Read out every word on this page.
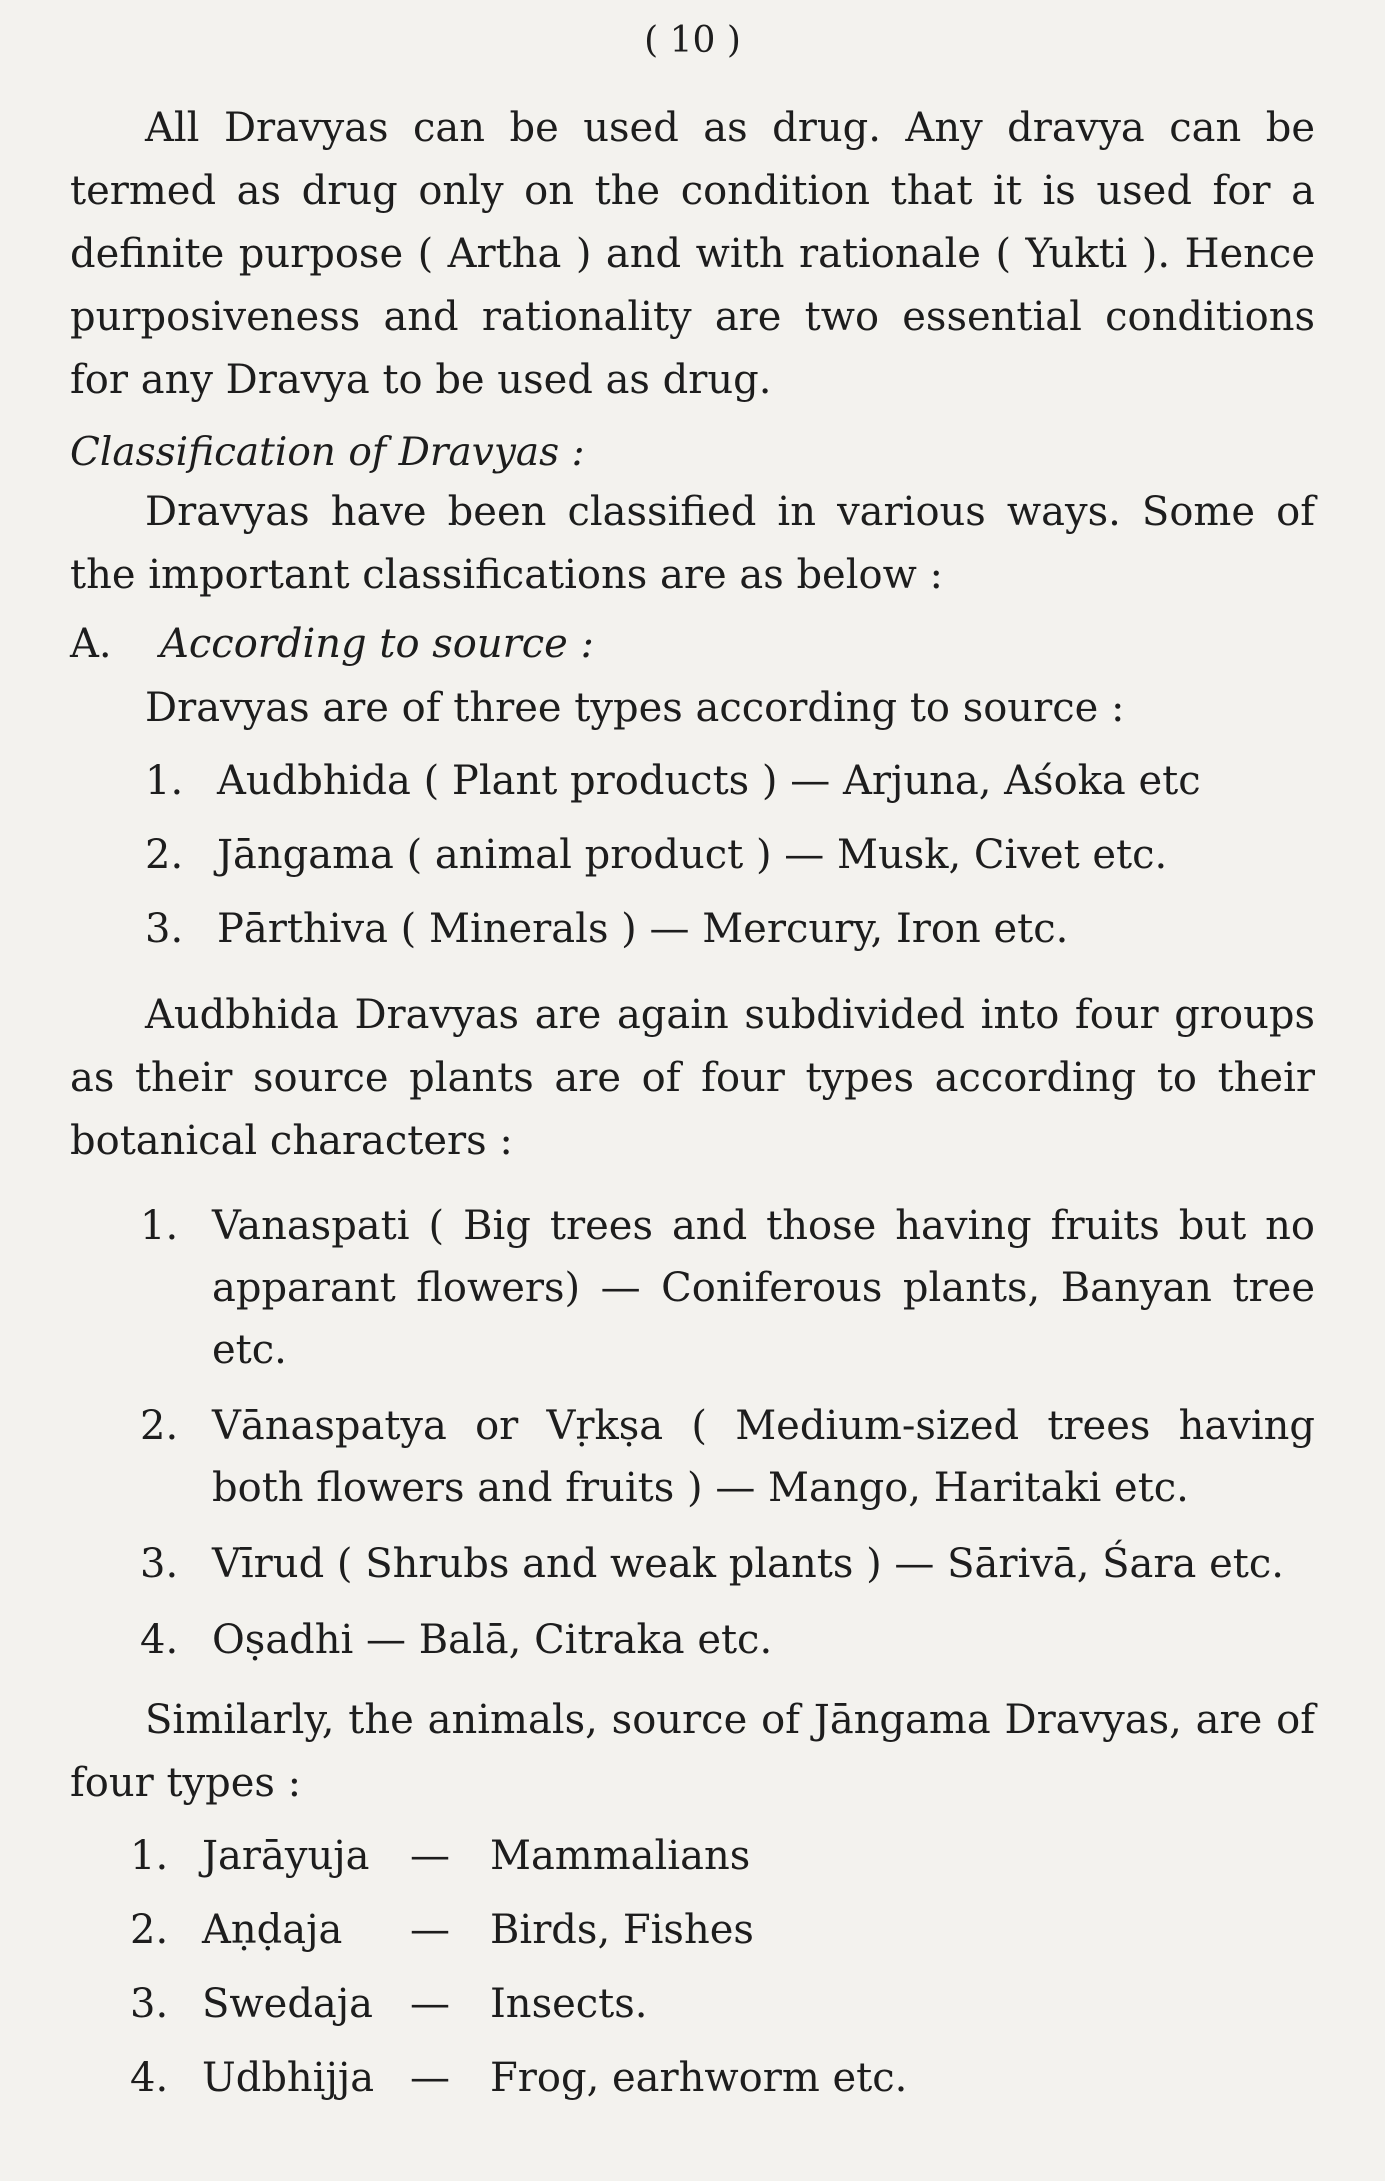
( 10 )

All Dravyas can be used as drug. Any dravya can be termed as drug only on the condition that it is used for a definite purpose ( Artha ) and with rationale ( Yukti ). Hence purposiveness and rationality are two essential conditions for any Dravya to be used as drug.

Classification of Dravyas :

Dravyas have been classified in various ways. Some of the important classifications are as below :

A.	According to source :

Dravyas are of three types according to source :

1. Audbhida ( Plant products ) — Arjuna, Aśoka etc
2. Jāngama ( animal product ) — Musk, Civet etc.
3. Pārthiva ( Minerals ) — Mercury, Iron etc.

Audbhida Dravyas are again subdivided into four groups as their source plants are of four types according to their botanical characters :

1. Vanaspati ( Big trees and those having fruits but no apparant flowers) — Coniferous plants, Banyan tree etc.
2. Vānaspatya or Vṛkṣa ( Medium-sized trees having both flowers and fruits ) — Mango, Haritaki etc.
3. Vīrud ( Shrubs and weak plants ) — Sārivā, Śara etc.
4. Oṣadhi — Balā, Citraka etc.

Similarly, the animals, source of Jāngama Dravyas, are of four types :

1. Jarāyuja	—	Mammalians
2. Aṇḍaja	—	Birds, Fishes
3. Swedaja —	Insects.
4. Udbhijja —	Frog, earhworm etc.
